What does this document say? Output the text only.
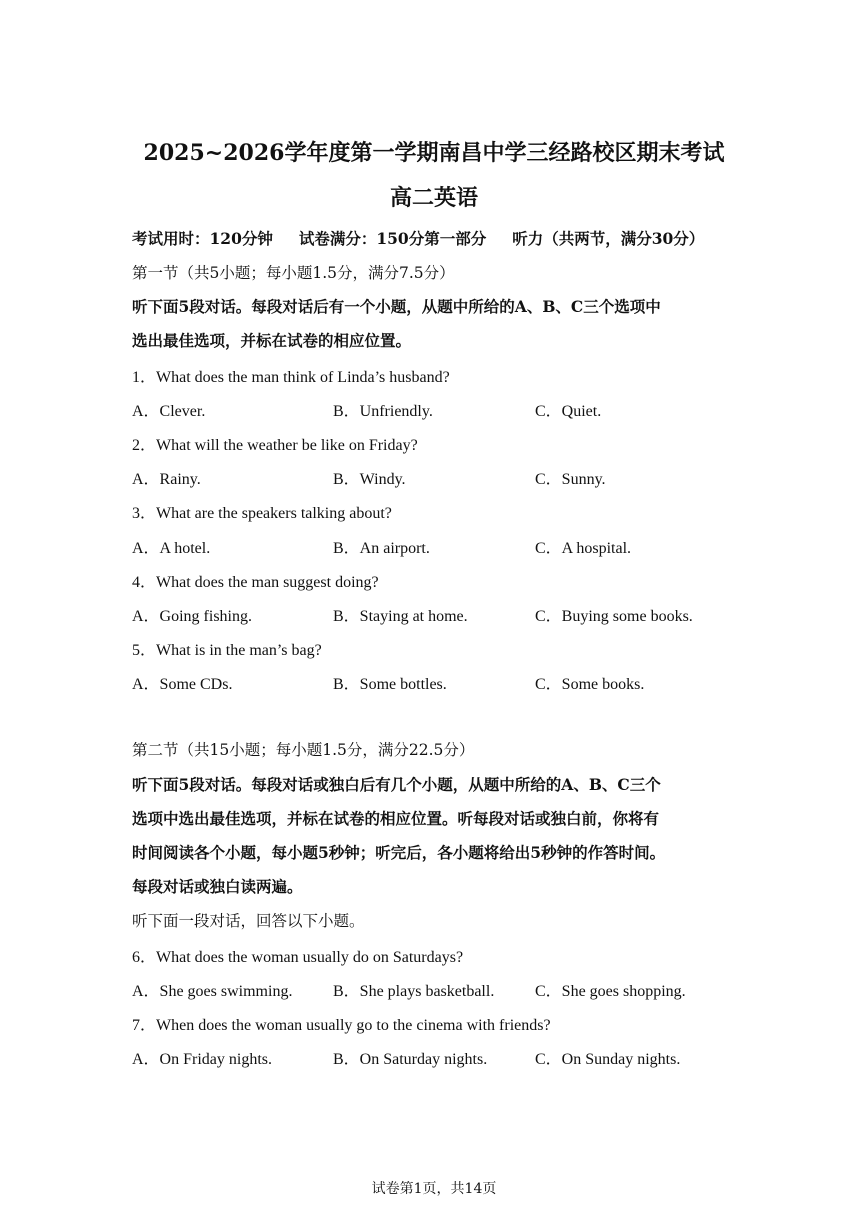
2025~2026学年度第一学期南昌中学三经路校区期末考试
高二英语
考试用时：120分钟 试卷满分：150分第一部分 听力（共两节，满分30分）
第一节（共5小题；每小题1.5分，满分7.5分）
听下面5段对话。每段对话后有一个小题，从题中所给的A、B、C三个选项中
选出最佳选项，并标在试卷的相应位置。
1．What does the man think of Linda’s husband?
A．Clever.	B．Unfriendly.	C．Quiet.
2．What will the weather be like on Friday?
A．Rainy.	B．Windy.	C．Sunny.
3．What are the speakers talking about?
A．A hotel.	B．An airport.	C．A hospital.
4．What does the man suggest doing?
A．Going fishing.	B．Staying at home.	C．Buying some books.
5．What is in the man’s bag?
A．Some CDs.	B．Some bottles.	C．Some books.
第二节（共15小题；每小题1.5分，满分22.5分）
听下面5段对话。每段对话或独白后有几个小题，从题中所给的A、B、C三个
选项中选出最佳选项，并标在试卷的相应位置。听每段对话或独白前，你将有
时间阅读各个小题，每小题5秒钟；听完后，各小题将给出5秒钟的作答时间。
每段对话或独白读两遍。
听下面一段对话，回答以下小题。
6．What does the woman usually do on Saturdays?
A．She goes swimming.	B．She plays basketball.	C．She goes shopping.
7．When does the woman usually go to the cinema with friends?
A．On Friday nights.	B．On Saturday nights.	C．On Sunday nights.
试卷第1页，共14页
